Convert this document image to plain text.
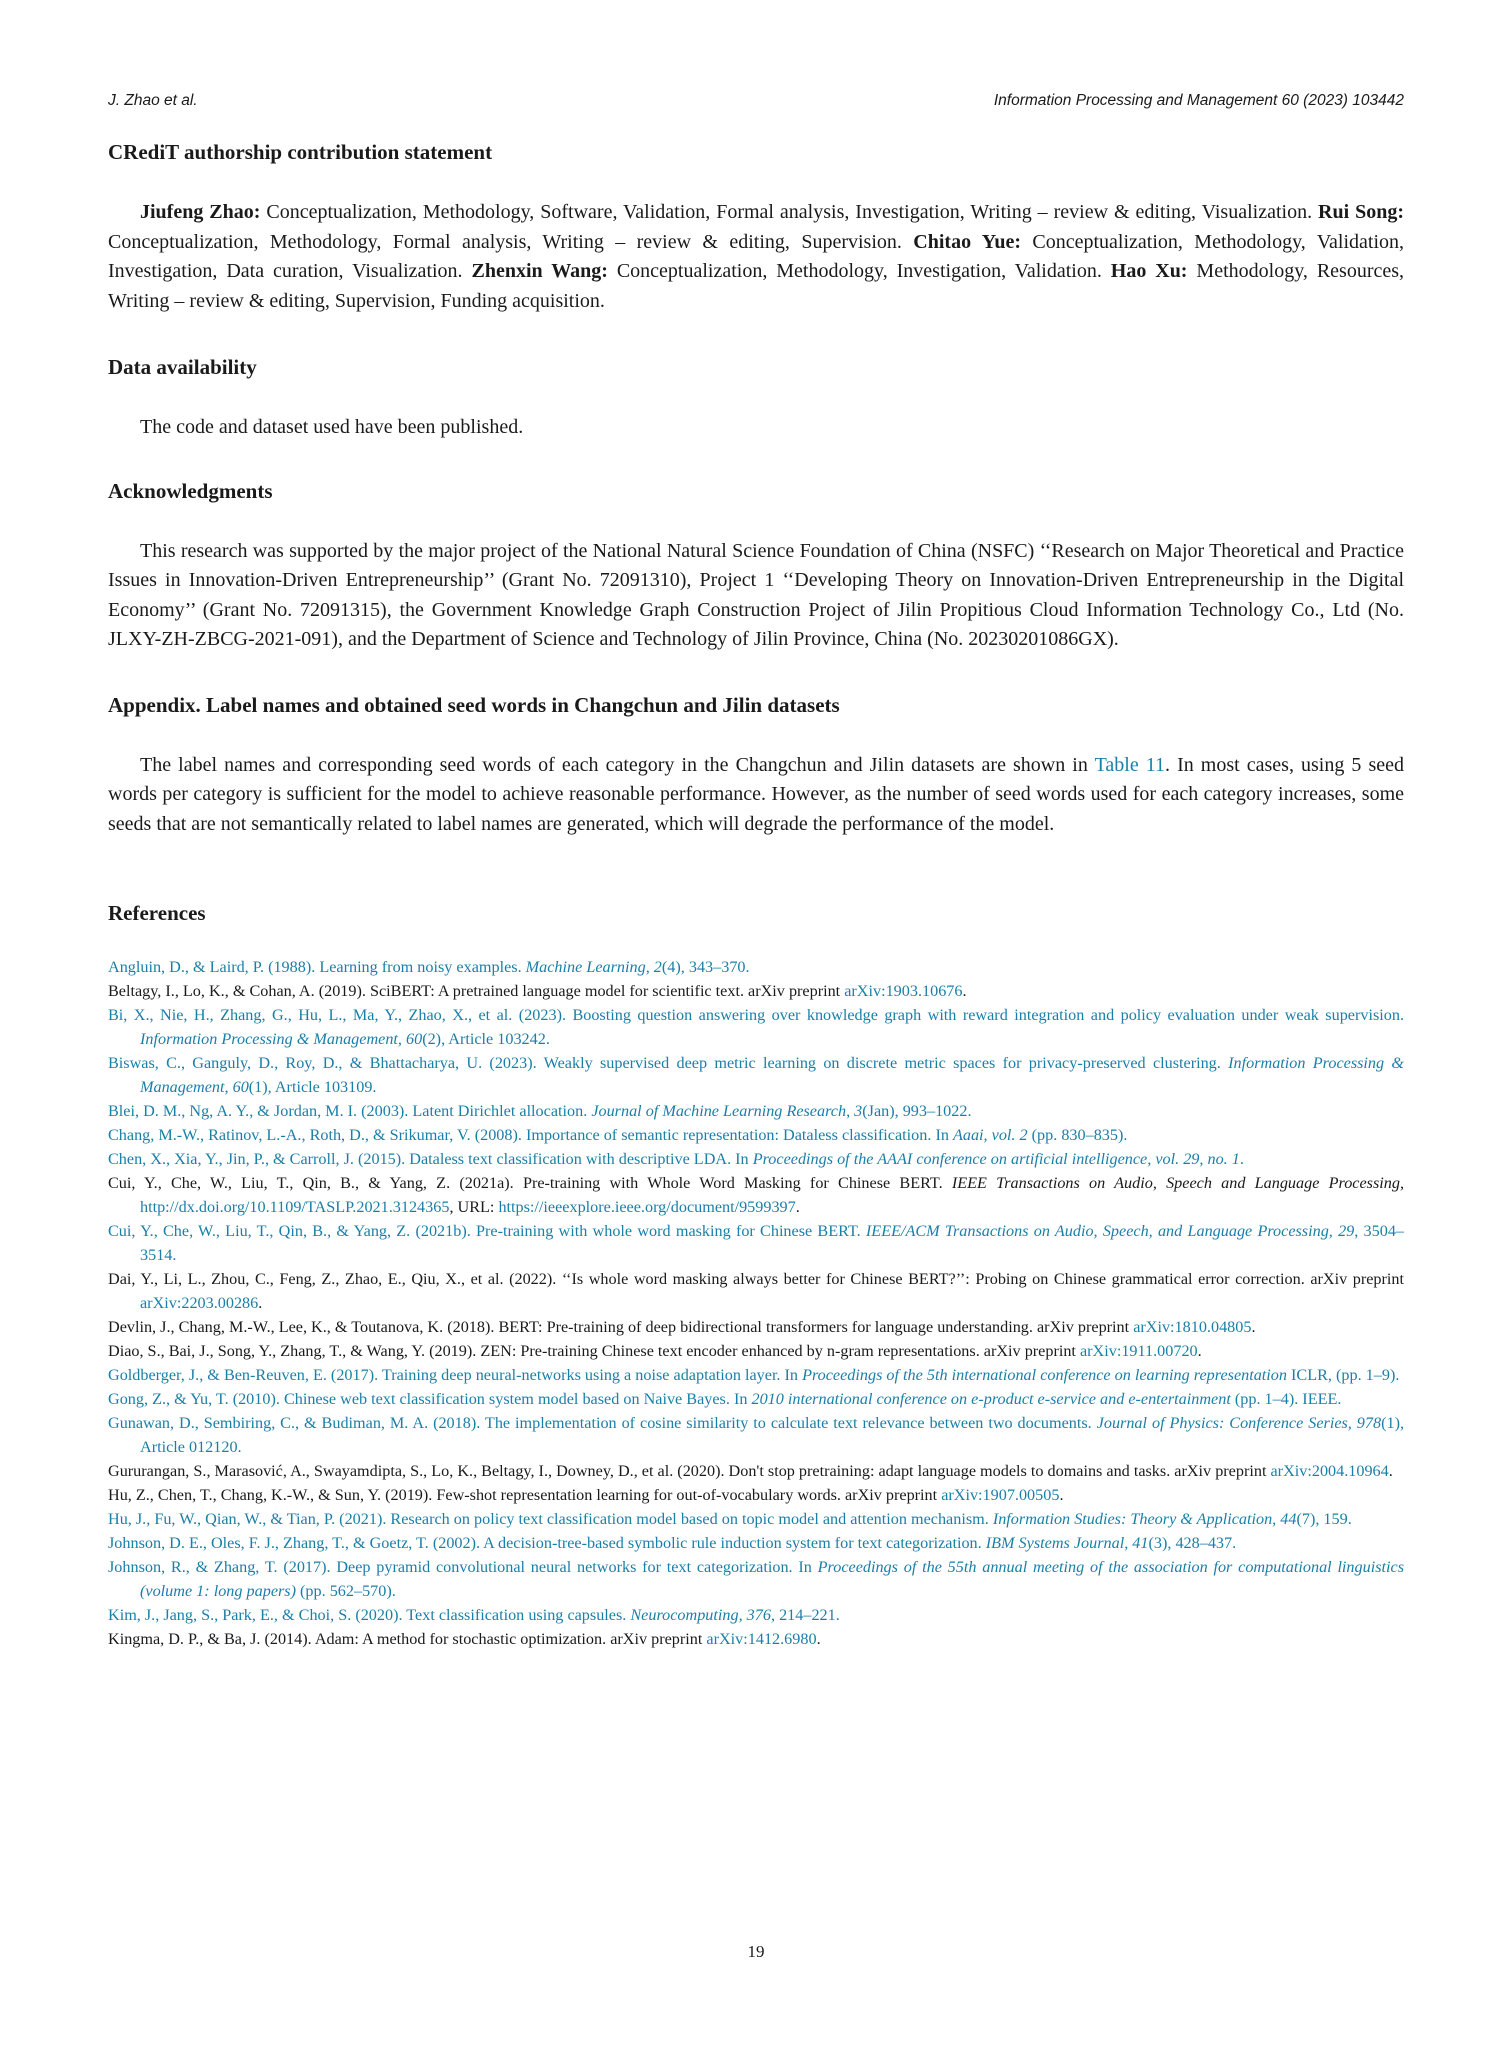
J. Zhao et al.	Information Processing and Management 60 (2023) 103442
CRediT authorship contribution statement

Jiufeng Zhao: Conceptualization, Methodology, Software, Validation, Formal analysis, Investigation, Writing – review & editing, Visualization. Rui Song: Conceptualization, Methodology, Formal analysis, Writing – review & editing, Supervision. Chitao Yue: Conceptualization, Methodology, Validation, Investigation, Data curation, Visualization. Zhenxin Wang: Conceptualization, Methodology, Investigation, Validation. Hao Xu: Methodology, Resources, Writing – review & editing, Supervision, Funding acquisition.

Data availability

The code and dataset used have been published.

Acknowledgments

This research was supported by the major project of the National Natural Science Foundation of China (NSFC) ‘‘Research on Major Theoretical and Practice Issues in Innovation-Driven Entrepreneurship’’ (Grant No. 72091310), Project 1 ‘‘Developing Theory on Innovation-Driven Entrepreneurship in the Digital Economy’’ (Grant No. 72091315), the Government Knowledge Graph Construction Project of Jilin Propitious Cloud Information Technology Co., Ltd (No. JLXY-ZH-ZBCG-2021-091), and the Department of Science and Technology of Jilin Province, China (No. 20230201086GX).

Appendix. Label names and obtained seed words in Changchun and Jilin datasets

The label names and corresponding seed words of each category in the Changchun and Jilin datasets are shown in Table 11. In most cases, using 5 seed words per category is sufficient for the model to achieve reasonable performance. However, as the number of seed words used for each category increases, some seeds that are not semantically related to label names are generated, which will degrade the performance of the model.

References

Angluin, D., & Laird, P. (1988). Learning from noisy examples. Machine Learning, 2(4), 343–370.

Beltagy, I., Lo, K., & Cohan, A. (2019). SciBERT: A pretrained language model for scientific text. arXiv preprint arXiv:1903.10676.

Bi, X., Nie, H., Zhang, G., Hu, L., Ma, Y., Zhao, X., et al. (2023). Boosting question answering over knowledge graph with reward integration and policy evaluation under weak supervision. Information Processing & Management, 60(2), Article 103242.

Biswas, C., Ganguly, D., Roy, D., & Bhattacharya, U. (2023). Weakly supervised deep metric learning on discrete metric spaces for privacy-preserved clustering. Information Processing & Management, 60(1), Article 103109.

Blei, D. M., Ng, A. Y., & Jordan, M. I. (2003). Latent Dirichlet allocation. Journal of Machine Learning Research, 3(Jan), 993–1022.

Chang, M.-W., Ratinov, L.-A., Roth, D., & Srikumar, V. (2008). Importance of semantic representation: Dataless classification. In Aaai, vol. 2 (pp. 830–835).

Chen, X., Xia, Y., Jin, P., & Carroll, J. (2015). Dataless text classification with descriptive LDA. In Proceedings of the AAAI conference on artificial intelligence, vol. 29, no. 1.

Cui, Y., Che, W., Liu, T., Qin, B., & Yang, Z. (2021a). Pre-training with Whole Word Masking for Chinese BERT. IEEE Transactions on Audio, Speech and Language Processing, http://dx.doi.org/10.1109/TASLP.2021.3124365, URL: https://ieeexplore.ieee.org/document/9599397.

Cui, Y., Che, W., Liu, T., Qin, B., & Yang, Z. (2021b). Pre-training with whole word masking for Chinese BERT. IEEE/ACM Transactions on Audio, Speech, and Language Processing, 29, 3504–3514.

Dai, Y., Li, L., Zhou, C., Feng, Z., Zhao, E., Qiu, X., et al. (2022). ‘‘Is whole word masking always better for Chinese BERT?’’: Probing on Chinese grammatical error correction. arXiv preprint arXiv:2203.00286.

Devlin, J., Chang, M.-W., Lee, K., & Toutanova, K. (2018). BERT: Pre-training of deep bidirectional transformers for language understanding. arXiv preprint arXiv:1810.04805.

Diao, S., Bai, J., Song, Y., Zhang, T., & Wang, Y. (2019). ZEN: Pre-training Chinese text encoder enhanced by n-gram representations. arXiv preprint arXiv:1911.00720.

Goldberger, J., & Ben-Reuven, E. (2017). Training deep neural-networks using a noise adaptation layer. In Proceedings of the 5th international conference on learning representation ICLR, (pp. 1–9).

Gong, Z., & Yu, T. (2010). Chinese web text classification system model based on Naive Bayes. In 2010 international conference on e-product e-service and e-entertainment (pp. 1–4). IEEE.

Gunawan, D., Sembiring, C., & Budiman, M. A. (2018). The implementation of cosine similarity to calculate text relevance between two documents. Journal of Physics: Conference Series, 978(1), Article 012120.

Gururangan, S., Marasović, A., Swayamdipta, S., Lo, K., Beltagy, I., Downey, D., et al. (2020). Don't stop pretraining: adapt language models to domains and tasks. arXiv preprint arXiv:2004.10964.

Hu, Z., Chen, T., Chang, K.-W., & Sun, Y. (2019). Few-shot representation learning for out-of-vocabulary words. arXiv preprint arXiv:1907.00505.

Hu, J., Fu, W., Qian, W., & Tian, P. (2021). Research on policy text classification model based on topic model and attention mechanism. Information Studies: Theory & Application, 44(7), 159.

Johnson, D. E., Oles, F. J., Zhang, T., & Goetz, T. (2002). A decision-tree-based symbolic rule induction system for text categorization. IBM Systems Journal, 41(3), 428–437.

Johnson, R., & Zhang, T. (2017). Deep pyramid convolutional neural networks for text categorization. In Proceedings of the 55th annual meeting of the association for computational linguistics (volume 1: long papers) (pp. 562–570).

Kim, J., Jang, S., Park, E., & Choi, S. (2020). Text classification using capsules. Neurocomputing, 376, 214–221.

Kingma, D. P., & Ba, J. (2014). Adam: A method for stochastic optimization. arXiv preprint arXiv:1412.6980.

19
